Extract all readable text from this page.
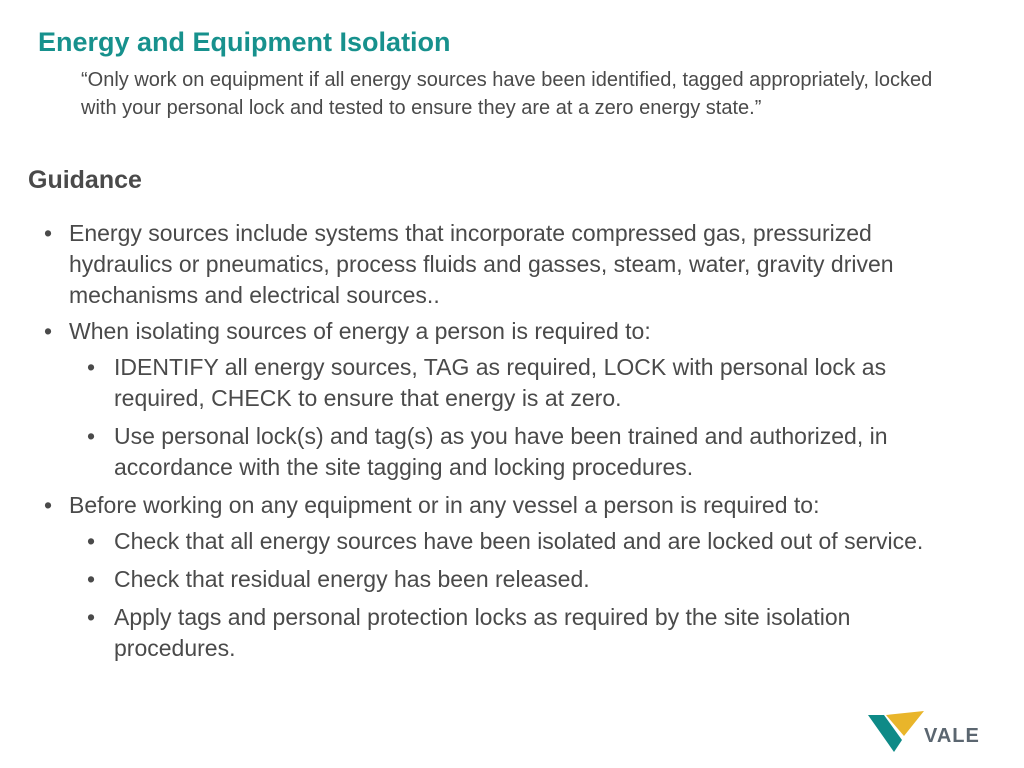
Energy and Equipment Isolation

“Only work on equipment if all energy sources have been identified, tagged appropriately, locked with your personal lock and tested to ensure they are at a zero energy state.”

Guidance
• Energy sources include systems that incorporate compressed gas, pressurized hydraulics or pneumatics, process fluids and gasses, steam, water, gravity driven mechanisms and electrical sources..
• When isolating sources of energy a person is required to:
• IDENTIFY all energy sources, TAG as required, LOCK with personal lock as required, CHECK to ensure that energy is at zero.
• Use personal lock(s) and tag(s) as you have been trained and authorized, in accordance with the site tagging and locking procedures.
• Before working on any equipment or in any vessel a person is required to:
• Check that all energy sources have been isolated and are locked out of service.
• Check that residual energy has been released.
• Apply tags and personal protection locks as required by the site isolation procedures.
VALE
